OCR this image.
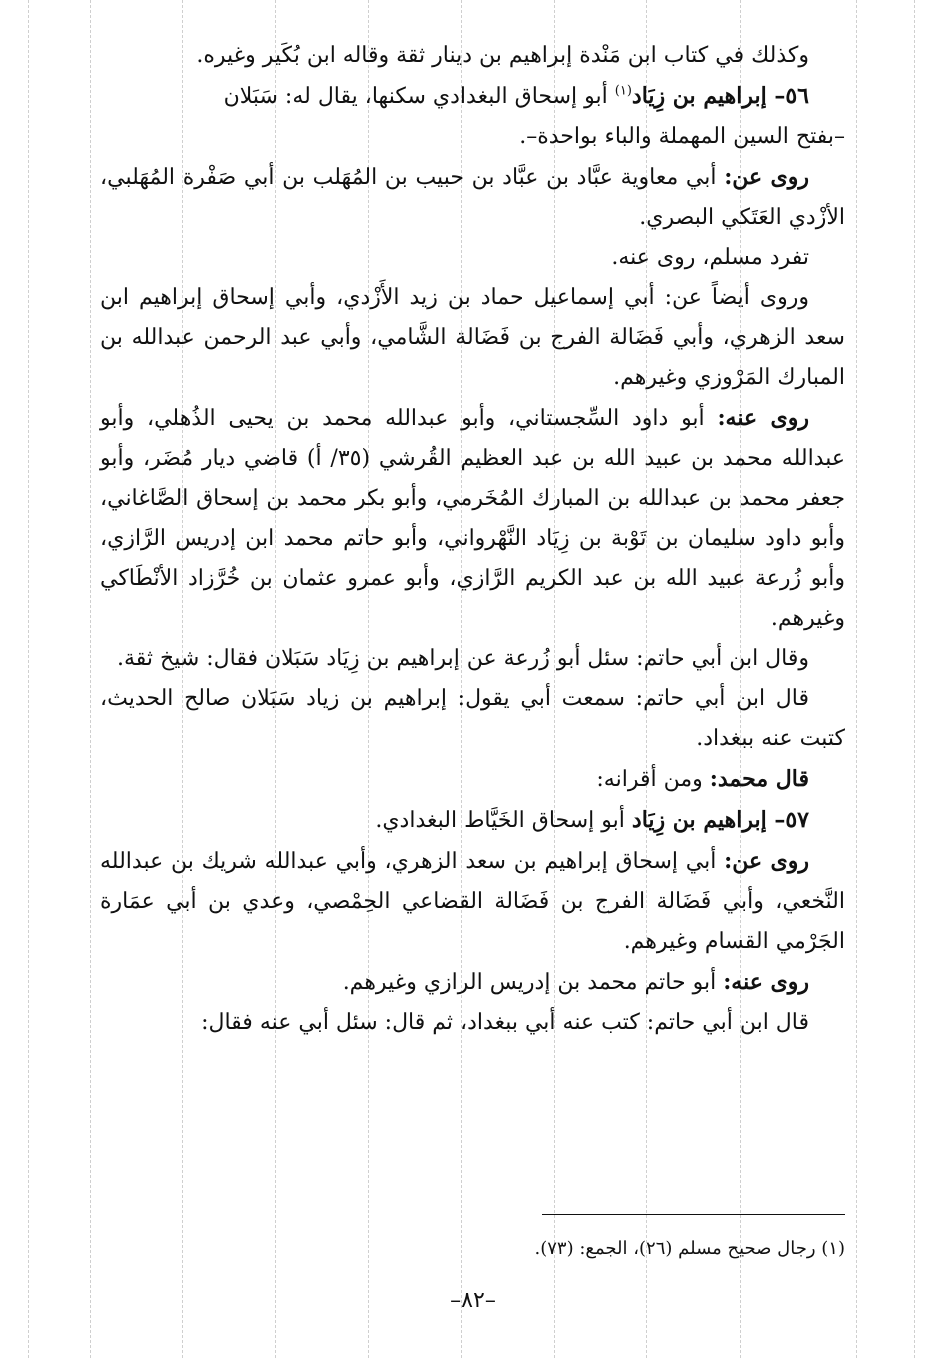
وكذلك في كتاب ابن مَنْدة إبراهيم بن دينار ثقة وقاله ابن بُكَير وغيره.

٥٦– إبراهيم بن زِيَاد$^{(١)}$ أبو إسحاق البغدادي سكنها، يقال له: سَبَلان

–بفتح السين المهملة والباء بواحدة–.

روى عن: أبي معاوية عبَّاد بن عبَّاد بن حبيب بن المُهَلب بن أبي صَفْرة المُهَلبي، الأزْدي العَتَكي البصري.

تفرد مسلم، روى عنه.

وروى أيضاً عن: أبي إسماعيل حماد بن زيد الأَزْدي، وأبي إسحاق إبراهيم ابن سعد الزهري، وأبي فَضَالة الفرج بن فَضَالة الشَّامي، وأبي عبد الرحمن عبدالله بن المبارك المَرْوزي وغيرهم.

روى عنه: أبو داود السِّجستاني، وأبو عبدالله محمد بن يحيى الذُهلي، وأبو عبدالله محمد بن عبيد الله بن عبد العظيم القُرشي (٣٥/ أ) قاضي ديار مُضَر، وأبو جعفر محمد بن عبدالله بن المبارك المُخَرمي، وأبو بكر محمد بن إسحاق الصَّاغاني، وأبو داود سليمان بن تَوْبة بن زِيَاد النَّهْرواني، وأبو حاتم محمد ابن إدريس الرَّازي، وأبو زُرعة عبيد الله بن عبد الكريم الرَّازي، وأبو عمرو عثمان بن خُرَّزاد الأنْطَاكي وغيرهم.

وقال ابن أبي حاتم: سئل أبو زُرعة عن إبراهيم بن زِيَاد سَبَلان فقال: شيخ ثقة.

قال ابن أبي حاتم: سمعت أبي يقول: إبراهيم بن زياد سَبَلان صالح الحديث، كتبت عنه ببغداد.

قال محمد: ومن أقرانه:

٥٧– إبراهيم بن زِيَاد أبو إسحاق الخَيَّاط البغدادي.

روى عن: أبي إسحاق إبراهيم بن سعد الزهري، وأبي عبدالله شريك بن عبدالله النَّخعي، وأبي فَضَالة الفرج بن فَضَالة القضاعي الحِمْصي، وعدي بن أبي عمَارة الجَرْمي القسام وغيرهم.

روى عنه: أبو حاتم محمد بن إدريس الرازي وغيرهم.

قال ابن أبي حاتم: كتب عنه أبي ببغداد، ثم قال: سئل أبي عنه فقال:

(١) رجال صحيح مسلم (٢٦)، الجمع: (٧٣).
–٨٢–
